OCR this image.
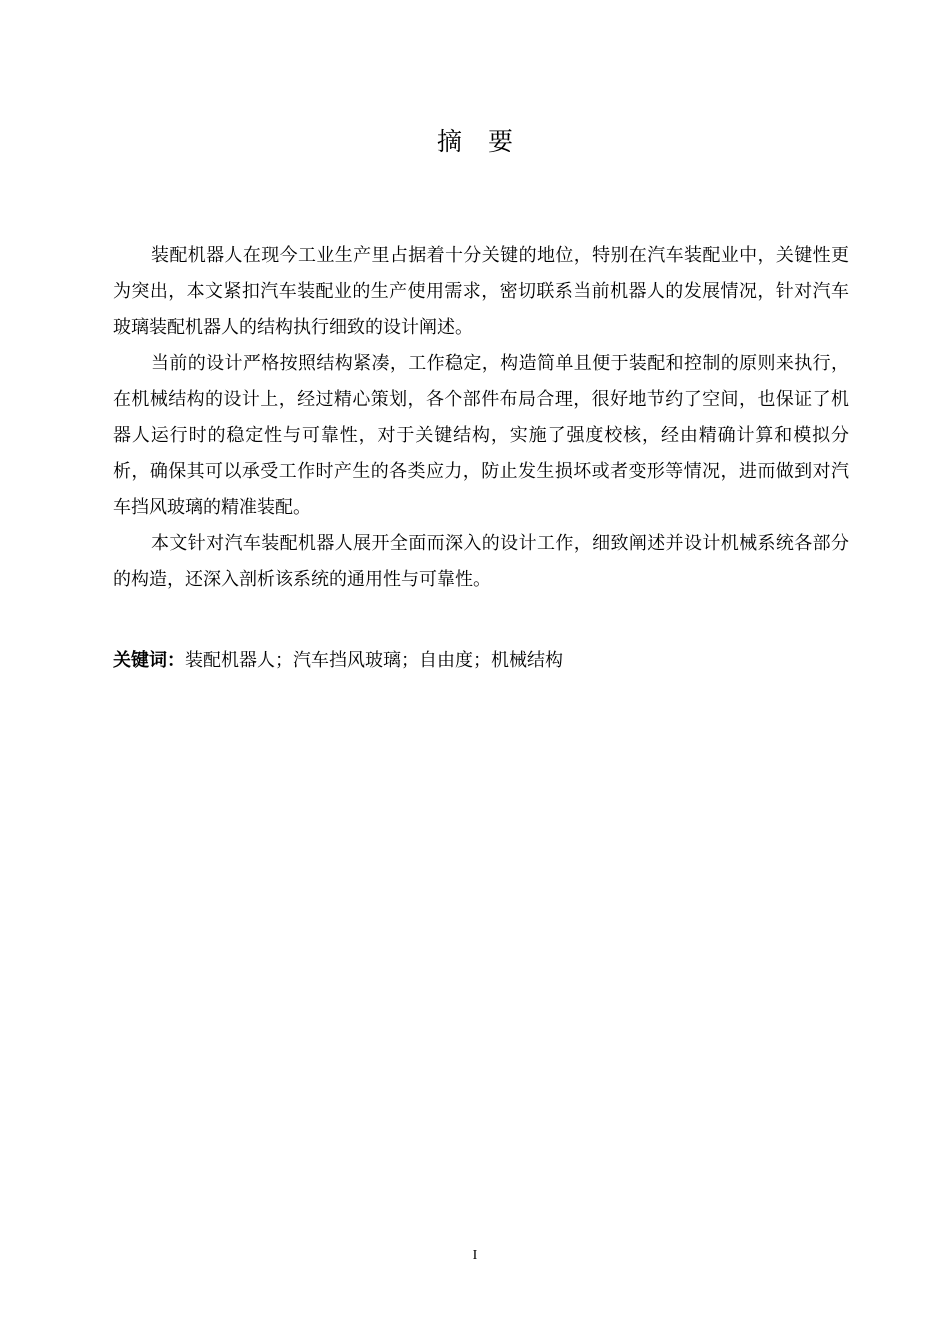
摘要

装配机器人在现今工业生产里占据着十分关键的地位，特别在汽车装配业中，关键性更为突出，本文紧扣汽车装配业的生产使用需求，密切联系当前机器人的发展情况，针对汽车玻璃装配机器人的结构执行细致的设计阐述。

当前的设计严格按照结构紧凑，工作稳定，构造简单且便于装配和控制的原则来执行，在机械结构的设计上，经过精心策划，各个部件布局合理，很好地节约了空间，也保证了机器人运行时的稳定性与可靠性，对于关键结构，实施了强度校核，经由精确计算和模拟分析，确保其可以承受工作时产生的各类应力，防止发生损坏或者变形等情况，进而做到对汽车挡风玻璃的精准装配。

本文针对汽车装配机器人展开全面而深入的设计工作，细致阐述并设计机械系统各部分的构造，还深入剖析该系统的通用性与可靠性。

关键词：装配机器人；汽车挡风玻璃；自由度；机械结构

I
